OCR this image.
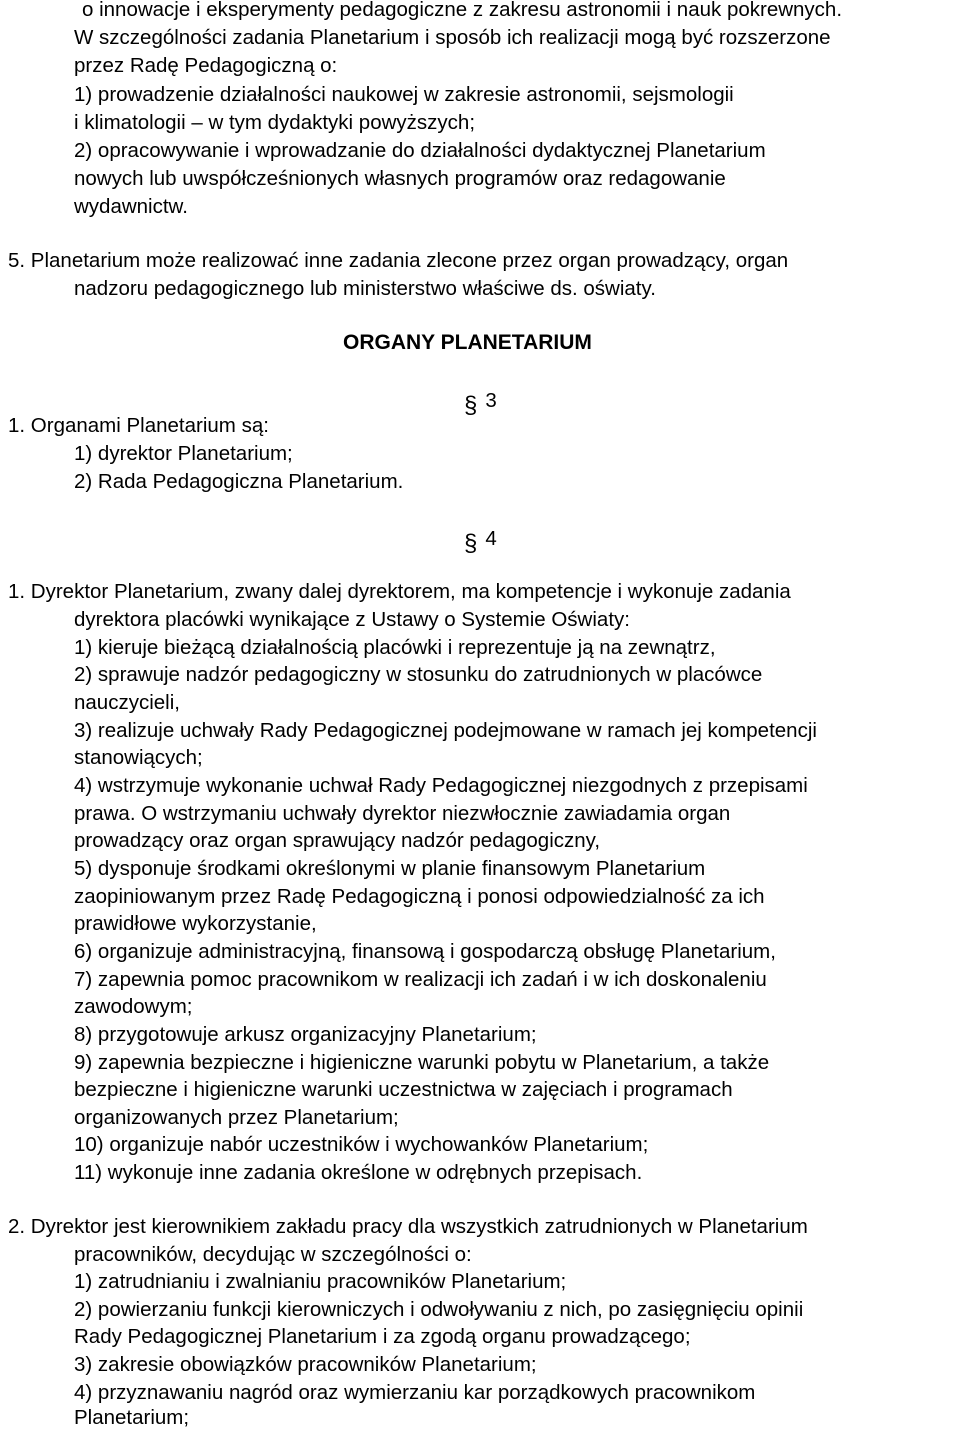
o innowacje i eksperymenty pedagogiczne z zakresu astronomii i nauk pokrewnych.

W szczególności zadania Planetarium i sposób ich realizacji mogą być rozszerzone

przez Radę Pedagogiczną o:

1) prowadzenie działalności naukowej w zakresie astronomii, sejsmologii

i klimatologii – w tym dydaktyki powyższych;

2) opracowywanie i wprowadzanie do działalności dydaktycznej Planetarium

nowych lub uwspółcześnionych własnych programów oraz redagowanie

wydawnictw.

5. Planetarium może realizować inne zadania zlecone przez organ prowadzący, organ

nadzoru pedagogicznego lub ministerstwo właściwe ds. oświaty.

ORGANY PLANETARIUM
§ 3

1. Organami Planetarium są:

1) dyrektor Planetarium;

2) Rada Pedagogiczna Planetarium.

§ 4

1. Dyrektor Planetarium, zwany dalej dyrektorem, ma kompetencje i wykonuje zadania

dyrektora placówki wynikające z Ustawy o Systemie Oświaty:

1) kieruje bieżącą działalnością placówki i reprezentuje ją na zewnątrz,

2) sprawuje nadzór pedagogiczny w stosunku do zatrudnionych w placówce

nauczycieli,

3) realizuje uchwały Rady Pedagogicznej podejmowane w ramach jej kompetencji

stanowiących;

4) wstrzymuje wykonanie uchwał Rady Pedagogicznej niezgodnych z przepisami

prawa. O wstrzymaniu uchwały dyrektor niezwłocznie zawiadamia organ

prowadzący oraz organ sprawujący nadzór pedagogiczny,

5) dysponuje środkami określonymi w planie finansowym Planetarium

zaopiniowanym przez Radę Pedagogiczną i ponosi odpowiedzialność za ich

prawidłowe wykorzystanie,

6) organizuje administracyjną, finansową i gospodarczą obsługę Planetarium,

7) zapewnia pomoc pracownikom w realizacji ich zadań i w ich doskonaleniu

zawodowym;

8) przygotowuje arkusz organizacyjny Planetarium;

9) zapewnia bezpieczne i higieniczne warunki pobytu w Planetarium, a także

bezpieczne i higieniczne warunki uczestnictwa w zajęciach i programach

organizowanych przez Planetarium;

10) organizuje nabór uczestników i wychowanków Planetarium;

11) wykonuje inne zadania określone w odrębnych przepisach.

2. Dyrektor jest kierownikiem zakładu pracy dla wszystkich zatrudnionych w Planetarium

pracowników, decydując w szczególności o:

1) zatrudnianiu i zwalnianiu pracowników Planetarium;

2) powierzaniu funkcji kierowniczych i odwoływaniu z nich, po zasięgnięciu opinii

Rady Pedagogicznej Planetarium i za zgodą organu prowadzącego;

3) zakresie obowiązków pracowników Planetarium;

4) przyznawaniu nagród oraz wymierzaniu kar porządkowych pracownikom

Planetarium;
